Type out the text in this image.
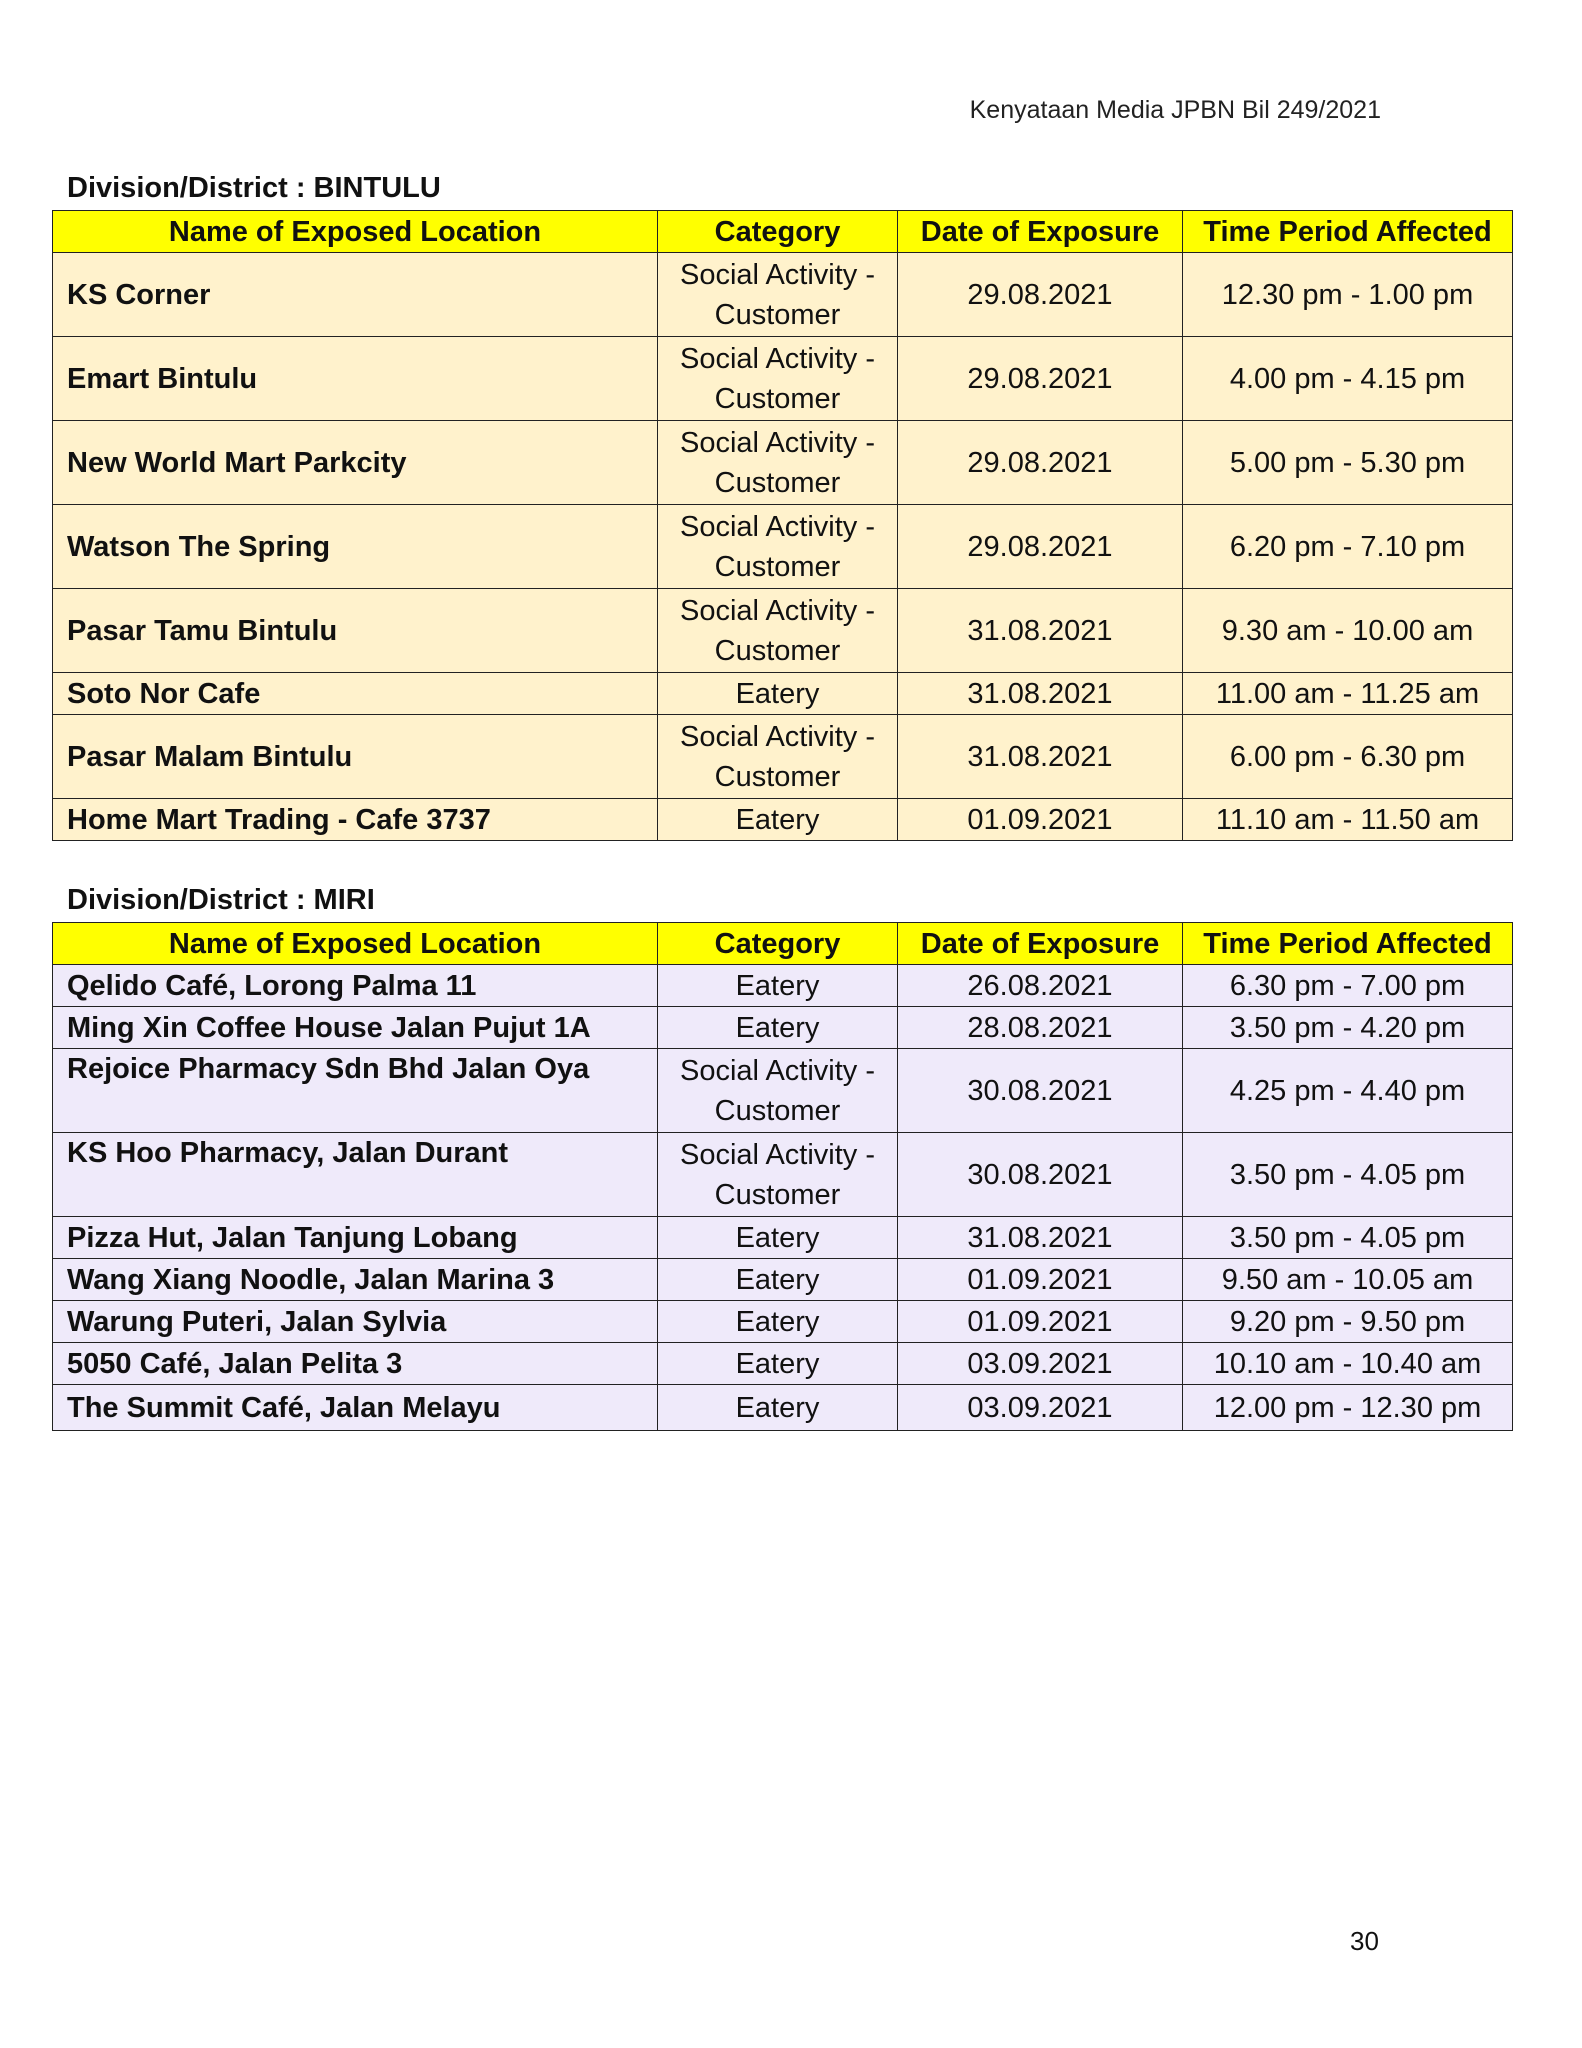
Kenyataan Media JPBN Bil 249/2021
Division/District : BINTULU
Name of Exposed Location	Category	Date of Exposure	Time Period Affected
KS Corner	Social Activity - Customer	29.08.2021	12.30 pm - 1.00 pm
Emart Bintulu	Social Activity - Customer	29.08.2021	4.00 pm - 4.15 pm
New World Mart Parkcity	Social Activity - Customer	29.08.2021	5.00 pm - 5.30 pm
Watson The Spring	Social Activity - Customer	29.08.2021	6.20 pm - 7.10 pm
Pasar Tamu Bintulu	Social Activity - Customer	31.08.2021	9.30 am - 10.00 am
Soto Nor Cafe	Eatery	31.08.2021	11.00 am - 11.25 am
Pasar Malam Bintulu	Social Activity - Customer	31.08.2021	6.00 pm - 6.30 pm
Home Mart Trading - Cafe 3737	Eatery	01.09.2021	11.10 am - 11.50 am
Division/District : MIRI
Name of Exposed Location	Category	Date of Exposure	Time Period Affected
Qelido Café, Lorong Palma 11	Eatery	26.08.2021	6.30 pm - 7.00 pm
Ming Xin Coffee House Jalan Pujut 1A	Eatery	28.08.2021	3.50 pm - 4.20 pm
Rejoice Pharmacy Sdn Bhd Jalan Oya	Social Activity - Customer	30.08.2021	4.25 pm - 4.40 pm
KS Hoo Pharmacy, Jalan Durant	Social Activity - Customer	30.08.2021	3.50 pm - 4.05 pm
Pizza Hut, Jalan Tanjung Lobang	Eatery	31.08.2021	3.50 pm - 4.05 pm
Wang Xiang Noodle, Jalan Marina 3	Eatery	01.09.2021	9.50 am - 10.05 am
Warung Puteri, Jalan Sylvia	Eatery	01.09.2021	9.20 pm - 9.50 pm
5050 Café, Jalan Pelita 3	Eatery	03.09.2021	10.10 am - 10.40 am
The Summit Café, Jalan Melayu	Eatery	03.09.2021	12.00 pm - 12.30 pm
30
